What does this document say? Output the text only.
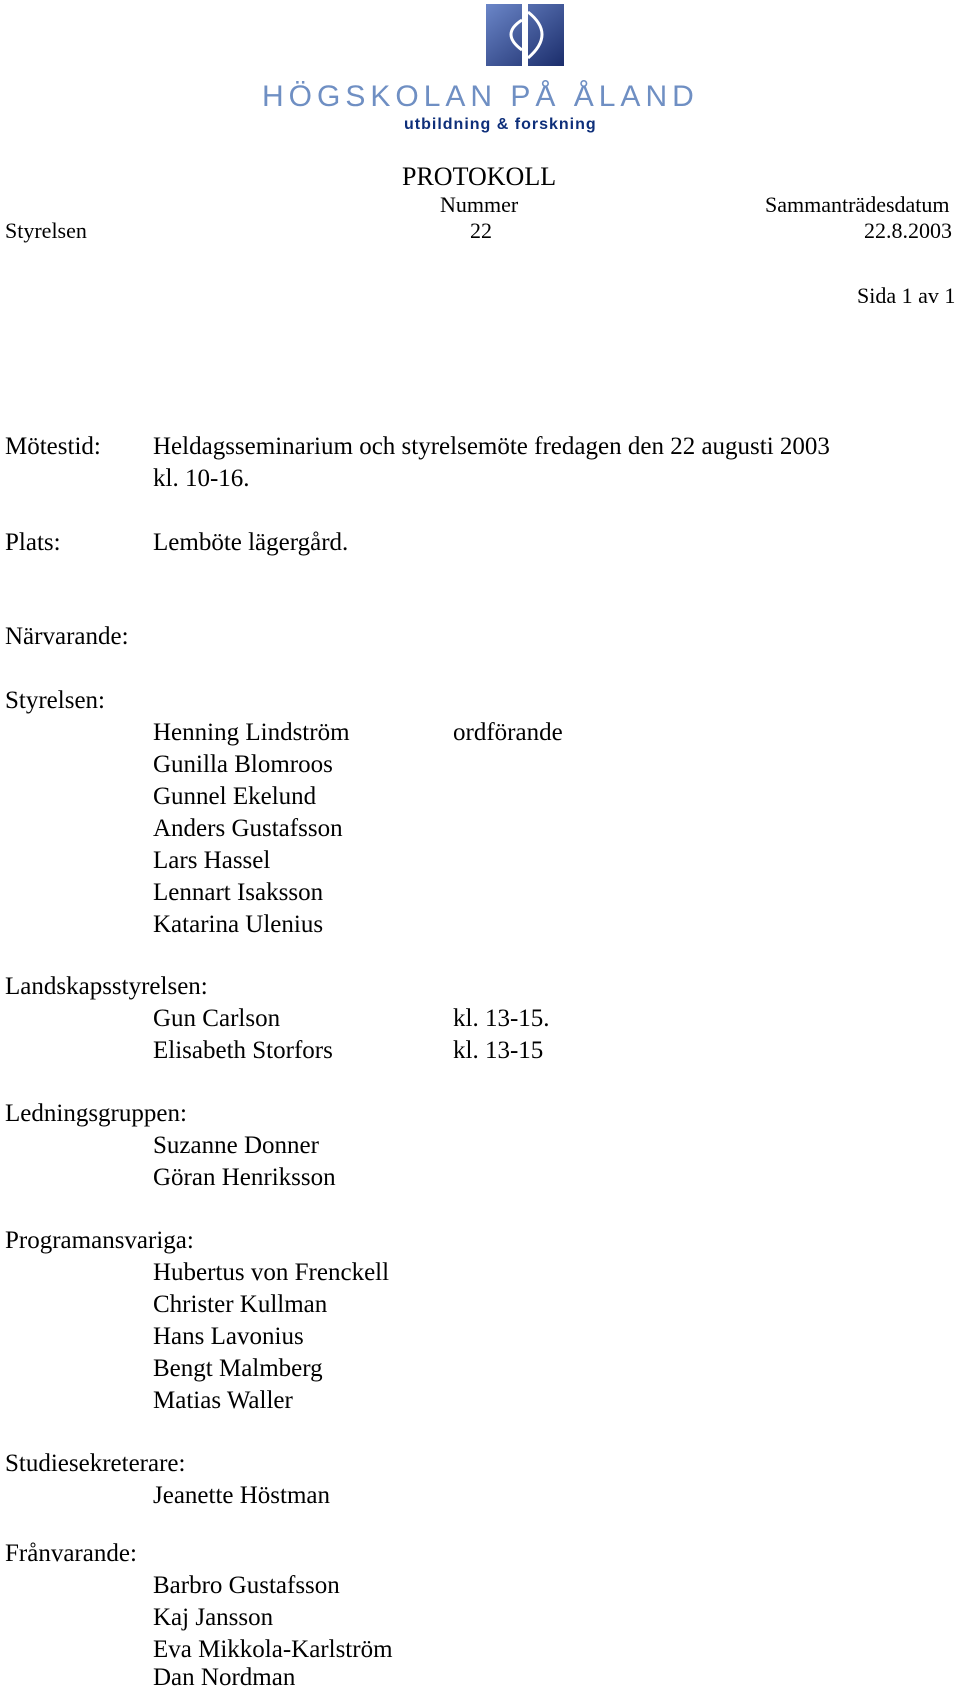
HÖGSKOLAN PÅ ÅLAND
utbildning & forskning
PROTOKOLL
Nummer	Sammanträdesdatum
Styrelsen	22	22.8.2003
Sida 1 av 1
Mötestid: Heldagsseminarium och styrelsemöte fredagen den 22 augusti 2003
kl. 10-16.
Plats:	Lemböte lägergård.
Närvarande:
Styrelsen:
Henning Lindström	ordförande
Gunilla Blomroos
Gunnel Ekelund
Anders Gustafsson
Lars Hassel
Lennart Isaksson
Katarina Ulenius
Landskapsstyrelsen:
Gun Carlson	kl. 13-15.
Elisabeth Storfors	kl. 13-15
Ledningsgruppen:
Suzanne Donner
Göran Henriksson
Programansvariga:
Hubertus von Frenckell
Christer Kullman
Hans Lavonius
Bengt Malmberg
Matias Waller
Studiesekreterare:
Jeanette Höstman
Frånvarande:
Barbro Gustafsson
Kaj Jansson
Eva Mikkola-Karlström
Dan Nordman
